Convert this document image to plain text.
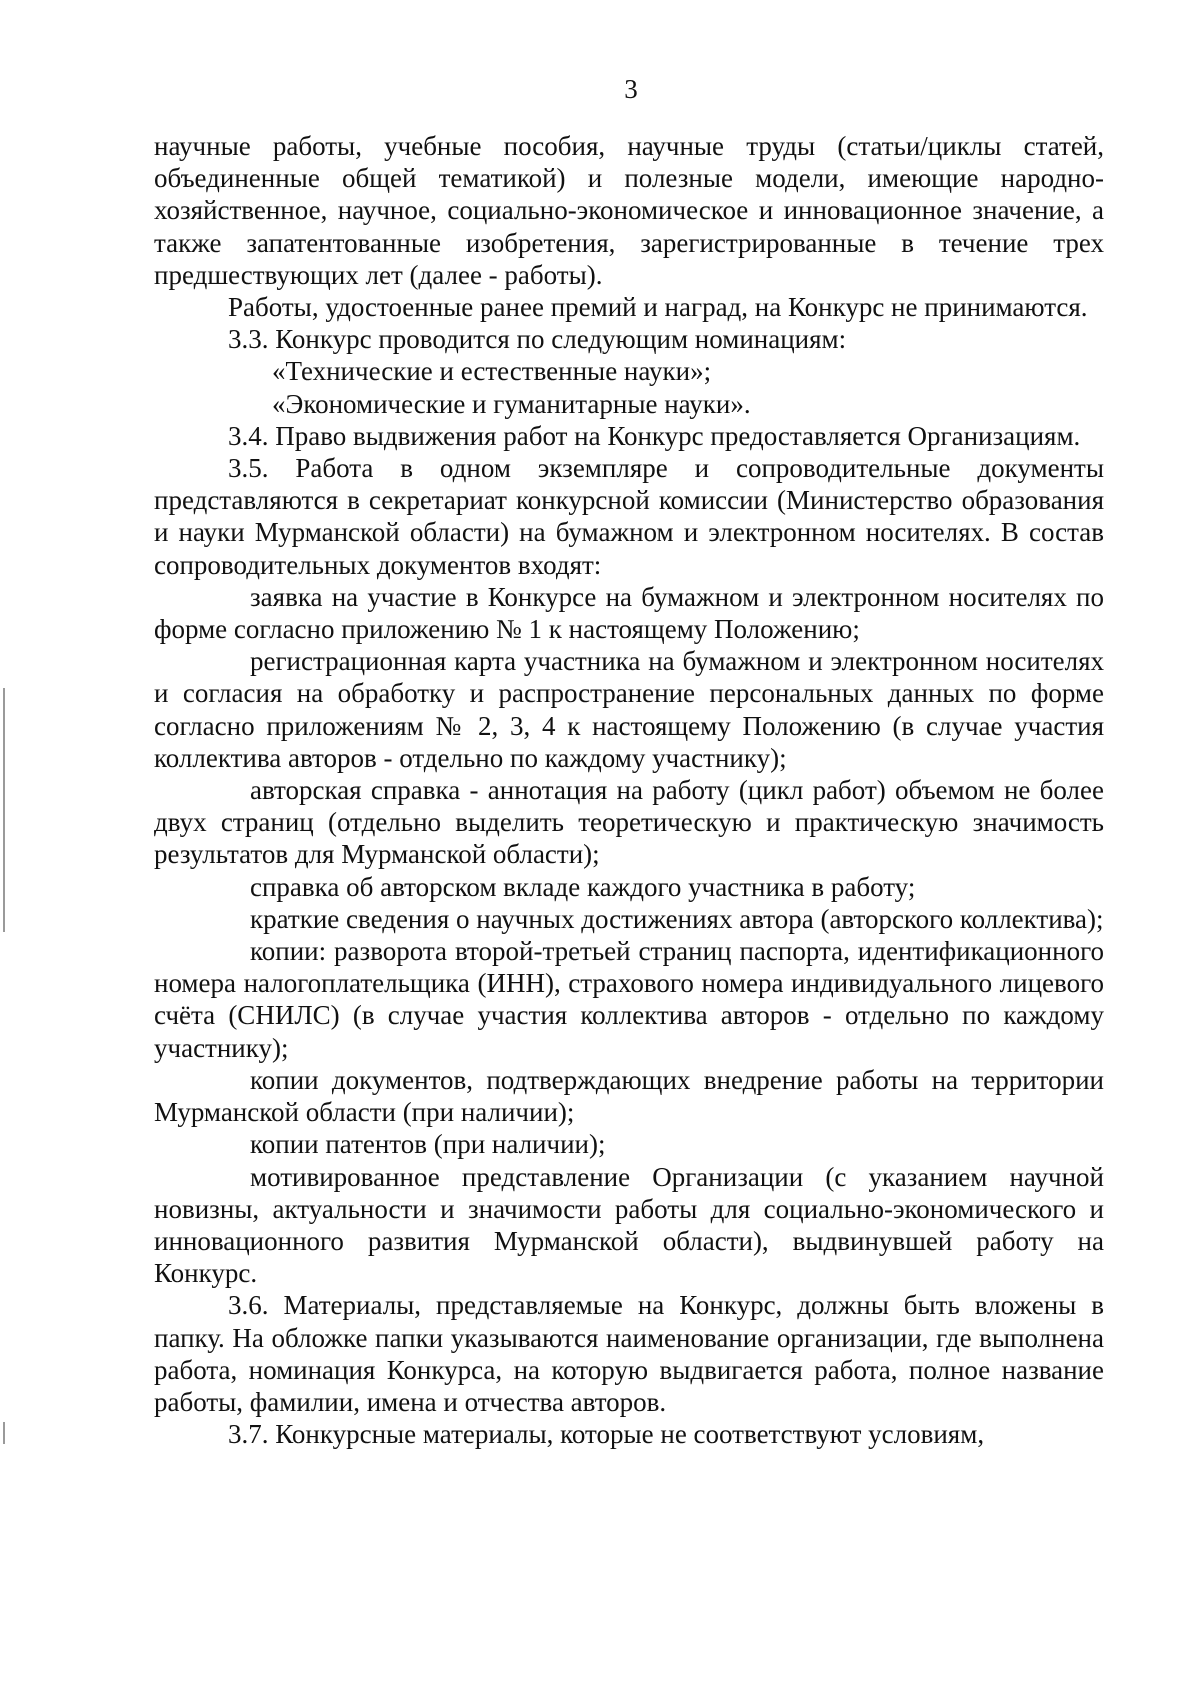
3

научные работы, учебные пособия, научные труды (статьи/циклы статей, объединенные общей тематикой) и полезные модели, имеющие народно-хозяйственное, научное, социально-экономическое и инновационное значение, а также запатентованные изобретения, зарегистрированные в течение трех предшествующих лет (далее - работы).

Работы, удостоенные ранее премий и наград, на Конкурс не принимаются.

3.3. Конкурс проводится по следующим номинациям:

«Технические и естественные науки»;

«Экономические и гуманитарные науки».

3.4. Право выдвижения работ на Конкурс предоставляется Организациям.

3.5. Работа в одном экземпляре и сопроводительные документы представляются в секретариат конкурсной комиссии (Министерство образования и науки Мурманской области) на бумажном и электронном носителях. В состав сопроводительных документов входят:

заявка на участие в Конкурсе на бумажном и электронном носителях по форме согласно приложению № 1 к настоящему Положению;

регистрационная карта участника на бумажном и электронном носителях и согласия на обработку и распространение персональных данных по форме согласно приложениям № 2, 3, 4 к настоящему Положению (в случае участия коллектива авторов - отдельно по каждому участнику);

авторская справка - аннотация на работу (цикл работ) объемом не более двух страниц (отдельно выделить теоретическую и практическую значимость результатов для Мурманской области);

справка об авторском вкладе каждого участника в работу;

краткие сведения о научных достижениях автора (авторского коллектива);

копии: разворота второй-третьей страниц паспорта, идентификационного номера налогоплательщика (ИНН), страхового номера индивидуального лицевого счёта (СНИЛС) (в случае участия коллектива авторов - отдельно по каждому участнику);

копии документов, подтверждающих внедрение работы на территории Мурманской области (при наличии);

копии патентов (при наличии);

мотивированное представление Организации (с указанием научной новизны, актуальности и значимости работы для социально-экономического и инновационного развития Мурманской области), выдвинувшей работу на Конкурс.

3.6. Материалы, представляемые на Конкурс, должны быть вложены в папку. На обложке папки указываются наименование организации, где выполнена работа, номинация Конкурса, на которую выдвигается работа, полное название работы, фамилии, имена и отчества авторов.

3.7. Конкурсные материалы, которые не соответствуют условиям,
